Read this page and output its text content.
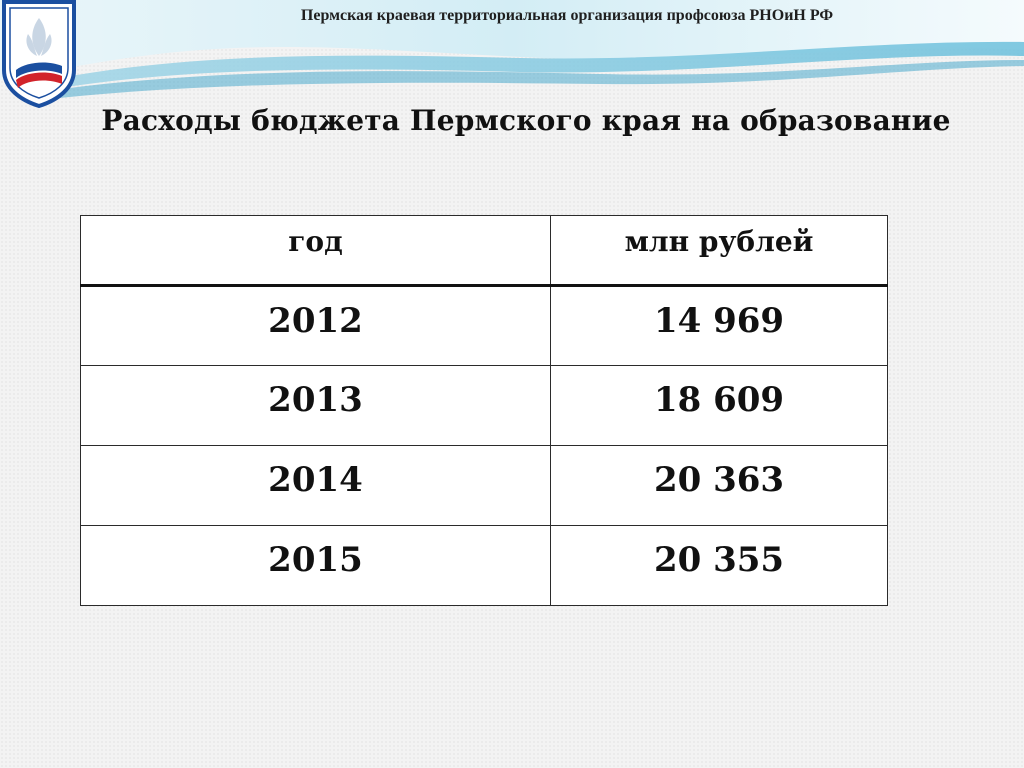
Пермская краевая территориальная организация профсоюза РНОиН РФ
Расходы бюджета Пермского края на образование
год	млн рублей
2012	14 969
2013	18 609
2014	20 363
2015	20 355
